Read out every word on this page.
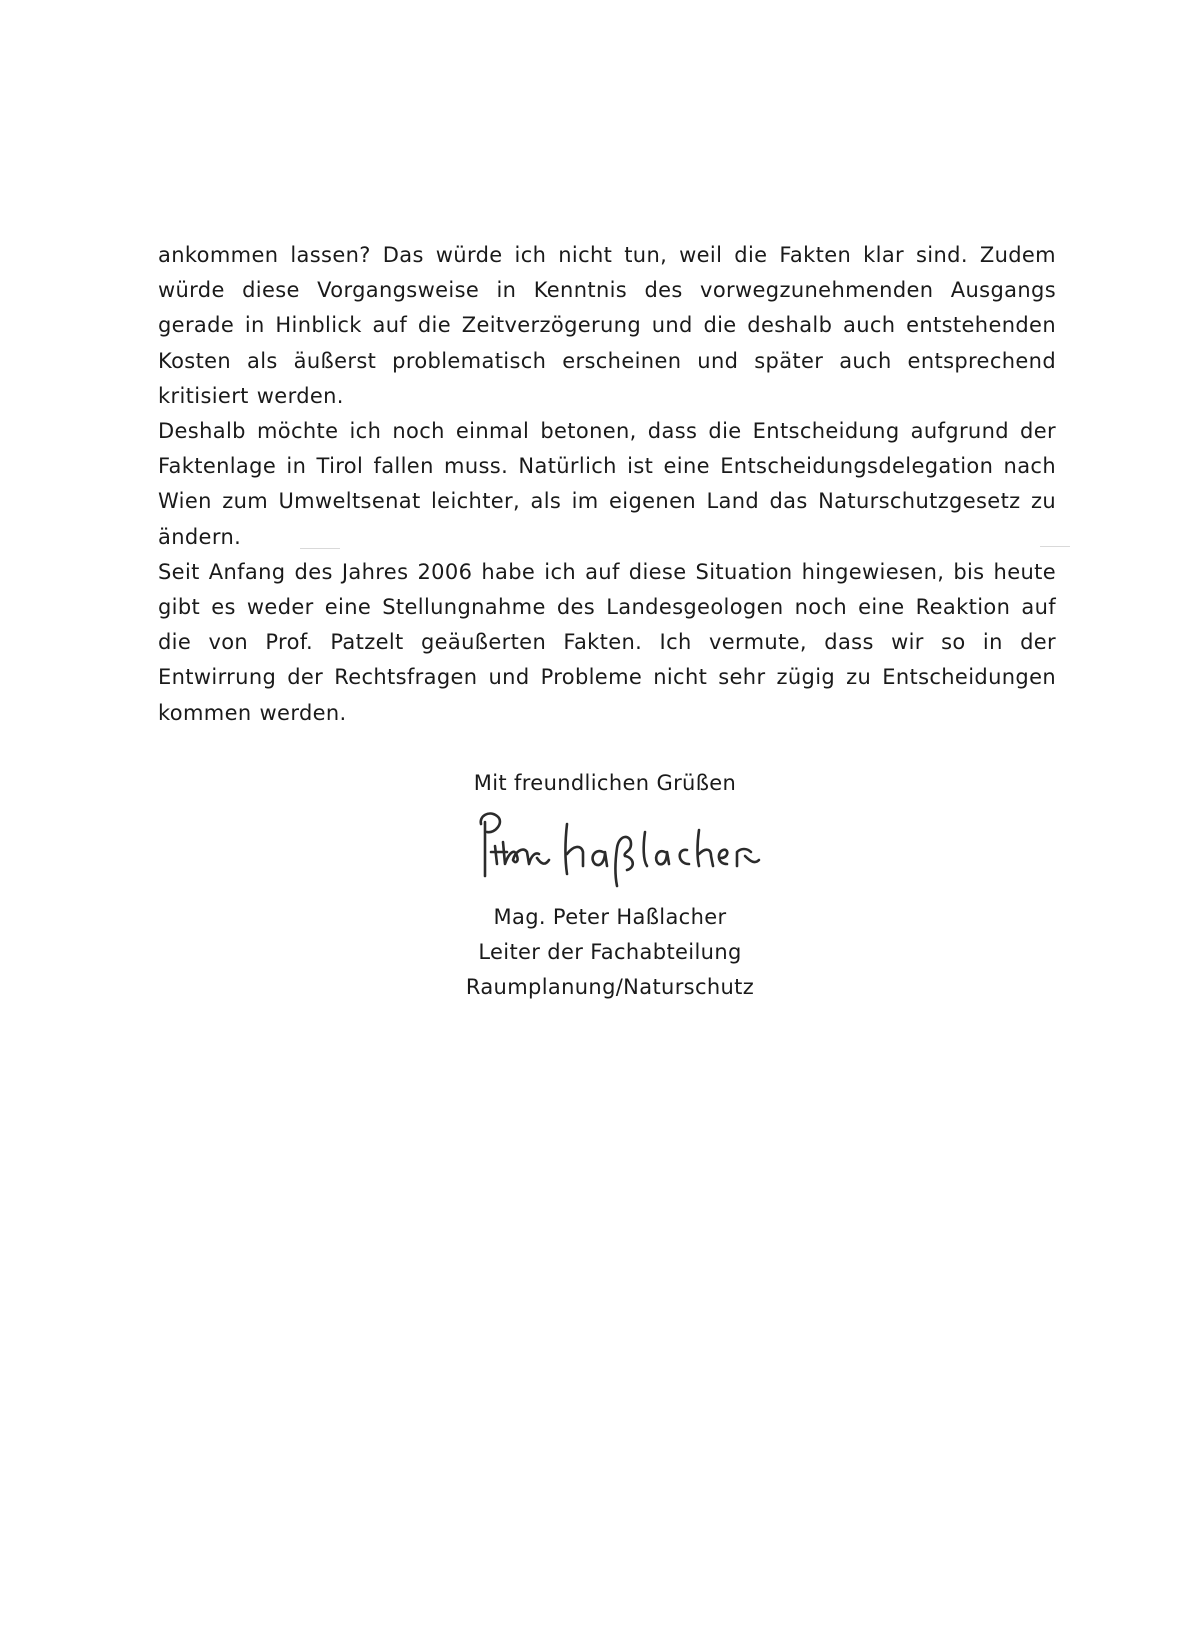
ankommen lassen? Das würde ich nicht tun, weil die Fakten klar sind. Zudem würde diese Vorgangsweise in Kenntnis des vorwegzunehmenden Ausgangs gerade in Hinblick auf die Zeitverzögerung und die deshalb auch entstehenden Kosten als äußerst problematisch erscheinen und später auch entsprechend kritisiert werden.

Deshalb möchte ich noch einmal betonen, dass die Entscheidung aufgrund der Faktenlage in Tirol fallen muss. Natürlich ist eine Entscheidungsdelegation nach Wien zum Umweltsenat leichter, als im eigenen Land das Naturschutzgesetz zu ändern.

Seit Anfang des Jahres 2006 habe ich auf diese Situation hingewiesen, bis heute gibt es weder eine Stellungnahme des Landesgeologen noch eine Reaktion auf die von Prof. Patzelt geäußerten Fakten. Ich vermute, dass wir so in der Entwirrung der Rechtsfragen und Probleme nicht sehr zügig zu Entscheidungen kommen werden.

Mit freundlichen Grüßen

Mag. Peter Haßlacher

Leiter der Fachabteilung

Raumplanung/Naturschutz
